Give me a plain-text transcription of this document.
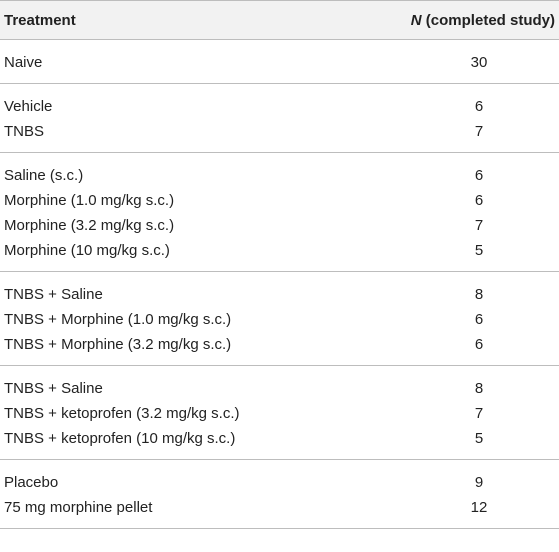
Treatment	N (completed study)
Naive	30
Vehicle	6
TNBS	7
Saline (s.c.)	6
Morphine (1.0 mg/kg s.c.)	6
Morphine (3.2 mg/kg s.c.)	7
Morphine (10 mg/kg s.c.)	5
TNBS + Saline	8
TNBS + Morphine (1.0 mg/kg s.c.)	6
TNBS + Morphine (3.2 mg/kg s.c.)	6
TNBS + Saline	8
TNBS + ketoprofen (3.2 mg/kg s.c.)	7
TNBS + ketoprofen (10 mg/kg s.c.)	5
Placebo	9
75 mg morphine pellet	12
